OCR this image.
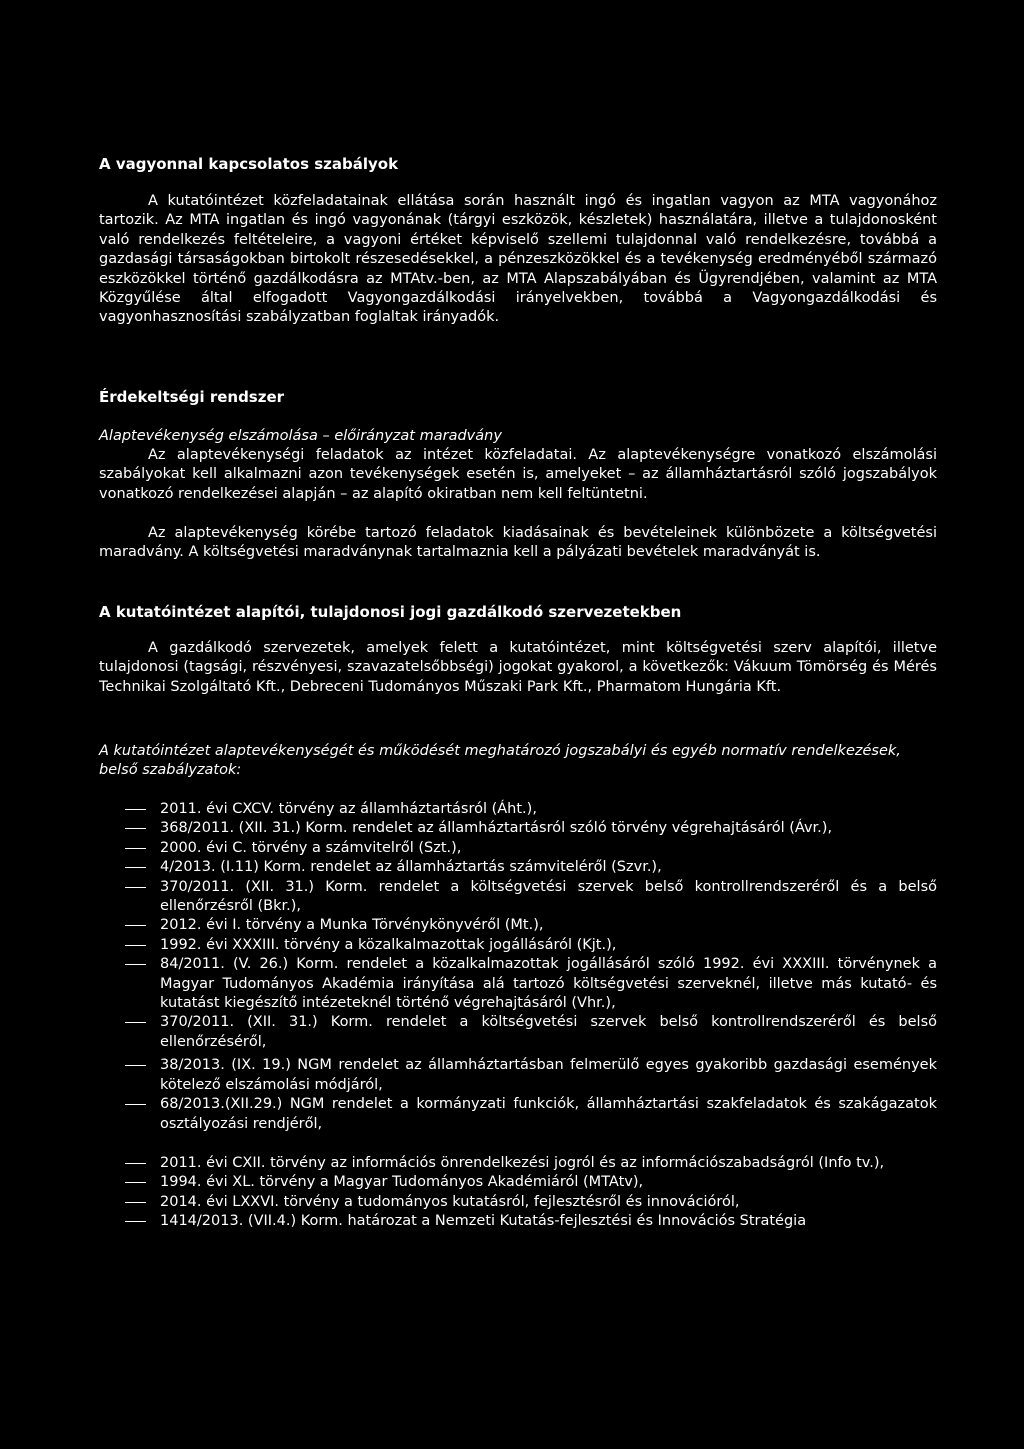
A vagyonnal kapcsolatos szabályok
A kutatóintézet közfeladatainak ellátása során használt ingó és ingatlan vagyon az MTA vagyonához tartozik. Az MTA ingatlan és ingó vagyonának (tárgyi eszközök, készletek) használatára, illetve a tulajdonosként való rendelkezés feltételeire, a vagyoni értéket képviselő szellemi tulajdonnal való rendelkezésre, továbbá a gazdasági társaságokban birtokolt részesedésekkel, a pénzeszközökkel és a tevékenység eredményéből származó eszközökkel történő gazdálkodásra az MTAtv.-ben, az MTA Alapszabályában és Ügyrendjében, valamint az MTA Közgyűlése által elfogadott Vagyongazdálkodási irányelvekben, továbbá a Vagyongazdálkodási és vagyonhasznosítási szabályzatban foglaltak irányadók.
Érdekeltségi rendszer
Alaptevékenység elszámolása – előirányzat maradvány
Az alaptevékenységi feladatok az intézet közfeladatai. Az alaptevékenységre vonatkozó elszámolási szabályokat kell alkalmazni azon tevékenységek esetén is, amelyeket – az államháztartásról szóló jogszabályok vonatkozó rendelkezései alapján – az alapító okiratban nem kell feltüntetni.
Az alaptevékenység körébe tartozó feladatok kiadásainak és bevételeinek különbözete a költségvetési maradvány. A költségvetési maradványnak tartalmaznia kell a pályázati bevételek maradványát is.
A kutatóintézet alapítói, tulajdonosi jogi gazdálkodó szervezetekben
A gazdálkodó szervezetek, amelyek felett a kutatóintézet, mint költségvetési szerv alapítói, illetve tulajdonosi (tagsági, részvényesi, szavazatelsőbbségi) jogokat gyakorol, a következők: Vákuum Tömörség és Mérés Technikai Szolgáltató Kft., Debreceni Tudományos Műszaki Park Kft., Pharmatom Hungária Kft.
A kutatóintézet alaptevékenységét és működését meghatározó jogszabályi és egyéb normatív rendelkezések, belső szabályzatok:
2011. évi CXCV. törvény az államháztartásról (Áht.),
368/2011. (XII. 31.) Korm. rendelet az államháztartásról szóló törvény végrehajtásáról (Ávr.),
2000. évi C. törvény a számvitelről (Szt.),
4/2013. (I.11) Korm. rendelet az államháztartás számviteléről (Szvr.),
370/2011. (XII. 31.) Korm. rendelet a költségvetési szervek belső kontrollrendszeréről és a belső ellenőrzésről (Bkr.),
2012. évi I. törvény a Munka Törvénykönyvéről (Mt.),
1992. évi XXXIII. törvény a közalkalmazottak jogállásáról (Kjt.),
84/2011. (V. 26.) Korm. rendelet a közalkalmazottak jogállásáról szóló 1992. évi XXXIII. törvénynek a Magyar Tudományos Akadémia irányítása alá tartozó költségvetési szerveknél, illetve más kutató- és kutatást kiegészítő intézeteknél történő végrehajtásáról (Vhr.),
370/2011. (XII. 31.) Korm. rendelet a költségvetési szervek belső kontrollrendszeréről és belső ellenőrzéséről,
38/2013. (IX. 19.) NGM rendelet az államháztartásban felmerülő egyes gyakoribb gazdasági események kötelező elszámolási módjáról,
68/2013.(XII.29.) NGM rendelet a kormányzati funkciók, államháztartási szakfeladatok és szakágazatok osztályozási rendjéről,
2011. évi CXII. törvény az információs önrendelkezési jogról és az információszabadságról (Info tv.),
1994. évi XL. törvény a Magyar Tudományos Akadémiáról (MTAtv),
2014. évi LXXVI. törvény a tudományos kutatásról, fejlesztésről és innovációról,
1414/2013. (VII.4.) Korm. határozat a Nemzeti Kutatás-fejlesztési és Innovációs Stratégia
